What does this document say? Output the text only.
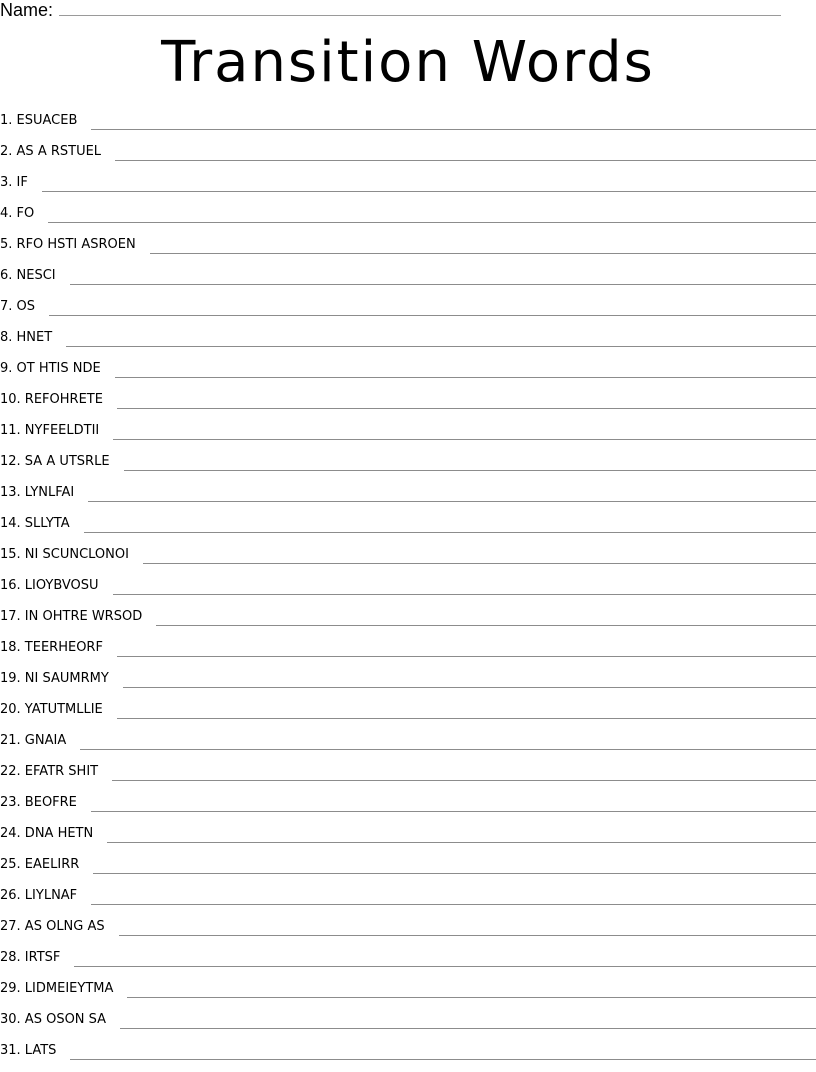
Name:
Transition Words
1. ESUACEB
2. AS A RSTUEL
3. IF
4. FO
5. RFO HSTI ASROEN
6. NESCI
7. OS
8. HNET
9. OT HTIS NDE
10. REFOHRETE
11. NYFEELDTII
12. SA A UTSRLE
13. LYNLFAI
14. SLLYTA
15. NI SCUNCLONOI
16. LIOYBVOSU
17. IN OHTRE WRSOD
18. TEERHEORF
19. NI SAUMRMY
20. YATUTMLLIE
21. GNAIA
22. EFATR SHIT
23. BEOFRE
24. DNA HETN
25. EAELIRR
26. LIYLNAF
27. AS OLNG AS
28. IRTSF
29. LIDMEIEYTMA
30. AS OSON SA
31. LATS
